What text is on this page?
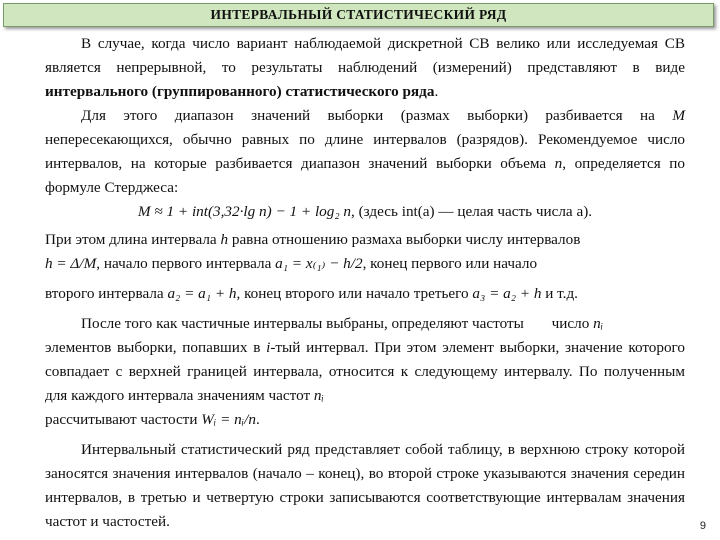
ИНТЕРВАЛЬНЫЙ СТАТИСТИЧЕСКИЙ РЯД

В случае, когда число вариант наблюдаемой дискретной СВ велико или исследуемая СВ является непрерывной, то результаты наблюдений (измерений) представляют в виде интервального (группированного) статистического ряда.

Для этого диапазон значений выборки (размах выборки) разбивается на M непересекающихся, обычно равных по длине интервалов (разрядов). Рекомендуемое число интервалов, на которые разбивается диапазон значений выборки объема n, определяется по формуле Стерджеса:

M ≈ 1 + int(3,32·lg n) − 1 + log₂ n, (здесь int(a) — целая часть числа a).

При этом длина интервала h равна отношению размаха выборки числу интервалов
h = Δ/M, начало первого интервала a₁ = x₍₁₎ − h/2, конец первого или начало

второго интервала a₂ = a₁ + h, конец второго или начало третьего a₃ = a₂ + h и т.д.

После того как частичные интервалы выбраны, определяют частоты число nᵢ

элементов выборки, попавших в i-тый интервал. При этом элемент выборки, значение которого совпадает с верхней границей интервала, относится к следующему интервалу. По полученным для каждого интервала значениям частот nᵢ
рассчитывают частости Wᵢ = nᵢ/n.

Интервальный статистический ряд представляет собой таблицу, в верхнюю строку которой заносятся значения интервалов (начало – конец), во второй строке указываются значения середин интервалов, в третью и четвертую строки записываются соответствующие интервалам значения частот и частостей.	9
